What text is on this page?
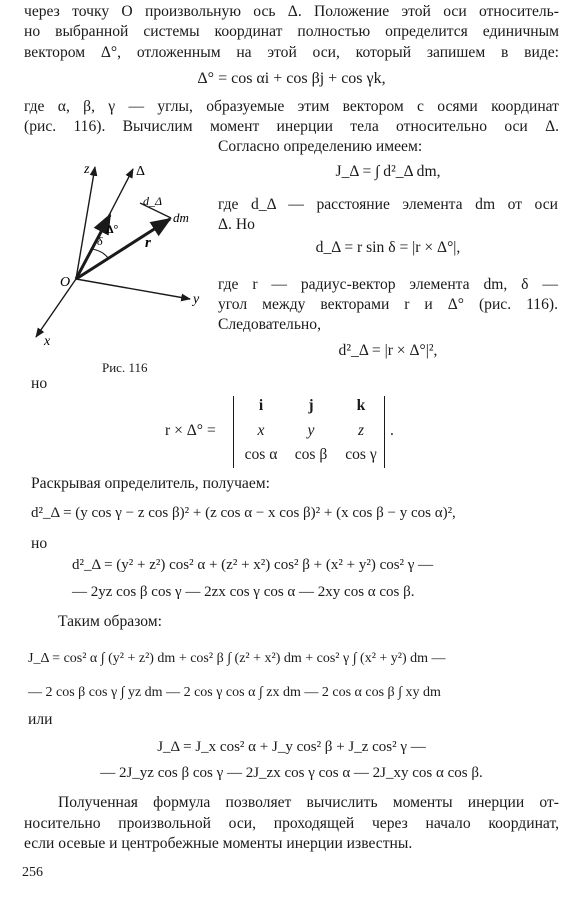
через точку O произвольную ось Δ. Положение этой оси относитель-
но выбранной системы координат полностью определится единичным
вектором Δ°, отложенным на этой оси, который запишем в виде:
Δ° = cos αi + cos βj + cos γk,
где α, β, γ — углы, образуемые этим вектором с осями координат
(рис. 116). Вычислим момент инерции тела относительно оси Δ.
Согласно определению имеем:
J_Δ = ∫ d²_Δ dm,
где d_Δ — расстояние элемента dm от оси
Δ. Но
d_Δ = r sin δ = |r × Δ°|,
где r — радиус-вектор элемента dm, δ —
угол между векторами r и Δ° (рис. 116).
Следовательно,
d²_Δ = |r × Δ°|²,
z	Δ
d_Δ
dm
Δ°
r
δ
O
y
x
Рис. 116
но
r × Δ° =
i	j	k
x	y	z
cos α	cos β	cos γ
.
Раскрывая определитель, получаем:
d²_Δ = (y cos γ − z cos β)² + (z cos α − x cos β)² + (x cos β − y cos α)²,
но
d²_Δ = (y² + z²) cos² α + (z² + x²) cos² β + (x² + y²) cos² γ —
— 2yz cos β cos γ — 2zx cos γ cos α — 2xy cos α cos β.
Таким образом:
J_Δ = cos² α ∫ (y² + z²) dm + cos² β ∫ (z² + x²) dm + cos² γ ∫ (x² + y²) dm —
— 2 cos β cos γ ∫ yz dm — 2 cos γ cos α ∫ zx dm — 2 cos α cos β ∫ xy dm
или
J_Δ = J_x cos² α + J_y cos² β + J_z cos² γ —
— 2J_yz cos β cos γ — 2J_zx cos γ cos α — 2J_xy cos α cos β.
Полученная формула позволяет вычислить моменты инерции от-
носительно произвольной оси, проходящей через начало координат,
если осевые и центробежные моменты инерции известны.
256
